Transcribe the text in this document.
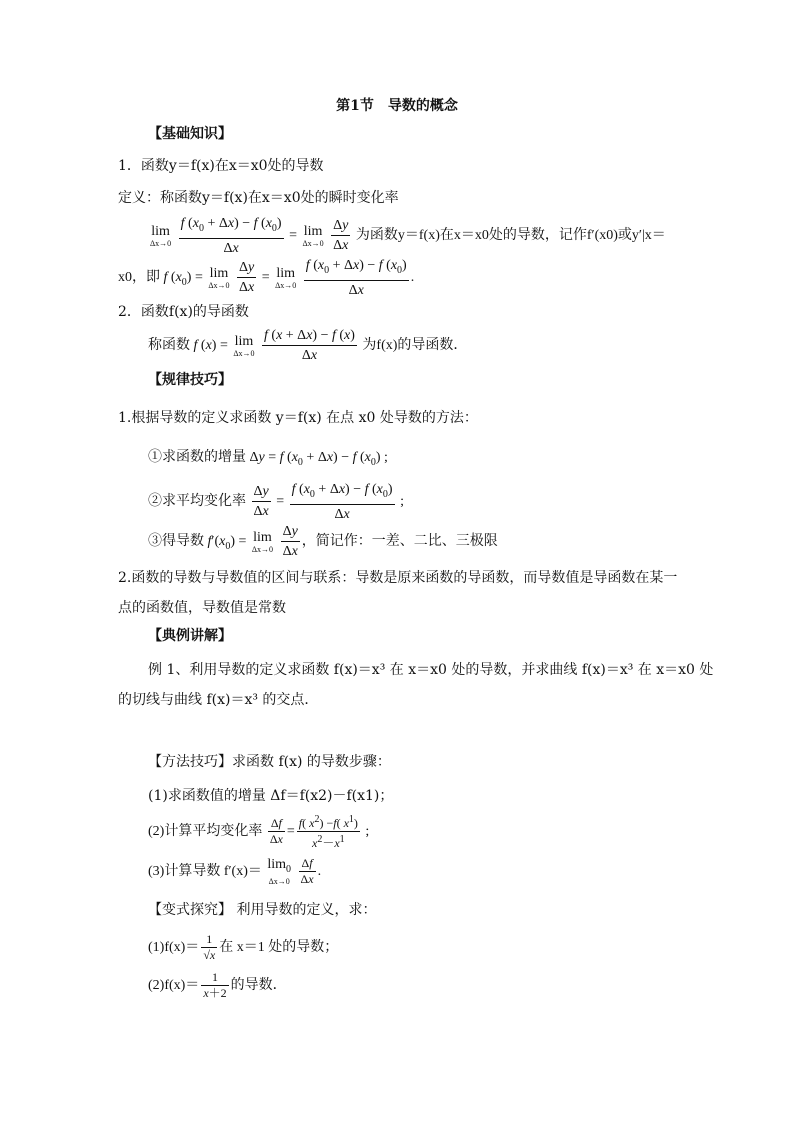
第1节　导数的概念
【基础知识】
1．函数y＝f(x)在x＝x0处的导数
定义：称函数y＝f(x)在x＝x0处的瞬时变化率
lim
Δx→0
$\frac{f (x_0 + \Delta x) - f (x_0)}{\Delta x} = \lim$
Δx→0
$\frac{\Delta y}{\Delta x}$ 为函数y＝f(x)在x＝x0处的导数，记作f′(x0)或y′|x＝
x0，即 f $(x_0) = \lim$
Δx→0
$\frac{\Delta y}{\Delta x} = \lim$
Δx→0
$\frac{f (x_0 + \Delta x) - f (x_0)}{\Delta x}$ .
2．函数f(x)的导函数
称函数 f (x) = lim
Δx→0
$\frac{f (x + \Delta x) - f (x)}{\Delta x}$ 为f(x)的导函数．
【规律技巧】
1.根据导数的定义求函数 y＝f(x) 在点 x0 处导数的方法：
①求函数的增量 Δy = f $(x_0 + \Delta x) - f$ $(x_0)$ ;
②求平均变化率 $\frac{\Delta y}{\Delta x} = \frac{f (x_0 + \Delta x) - f (x_0)}{\Delta x}$ ;
③得导数 $f'(x_0) = \lim$
Δx→0
$\frac{\Delta y}{\Delta x}$ ，简记作：一差、二比、三极限
2.函数的导数与导数值的区间与联系：导数是原来函数的导函数，而导数值是导函数在某一
点的函数值，导数值是常数
【典例讲解】
例 1、利用导数的定义求函数 f(x)＝x³ 在 x＝x0 处的导数，并求曲线 f(x)＝x³ 在 x＝x0 处
的切线与曲线 f(x)＝x³ 的交点．
【方法技巧】求函数 f(x) 的导数步骤：
(1)求函数值的增量 Δf＝f(x2)－f(x1)；
(2)计算平均变化率 $\frac{\Delta f}{\Delta x} = \frac{f( x^2) -f( x^1)}{x^2-x^1}$ ;
(3)计算导数 $f'(x)= \lim_0$
Δx→0
$\frac{\Delta f}{\Delta x}$ .
【变式探究】 利用导数的定义，求：
$(1)f(x)= \frac{1}{√x}$ 在 x＝1 处的导数；
$(2)f(x)= \frac{1}{x+2}$ 的导数．
